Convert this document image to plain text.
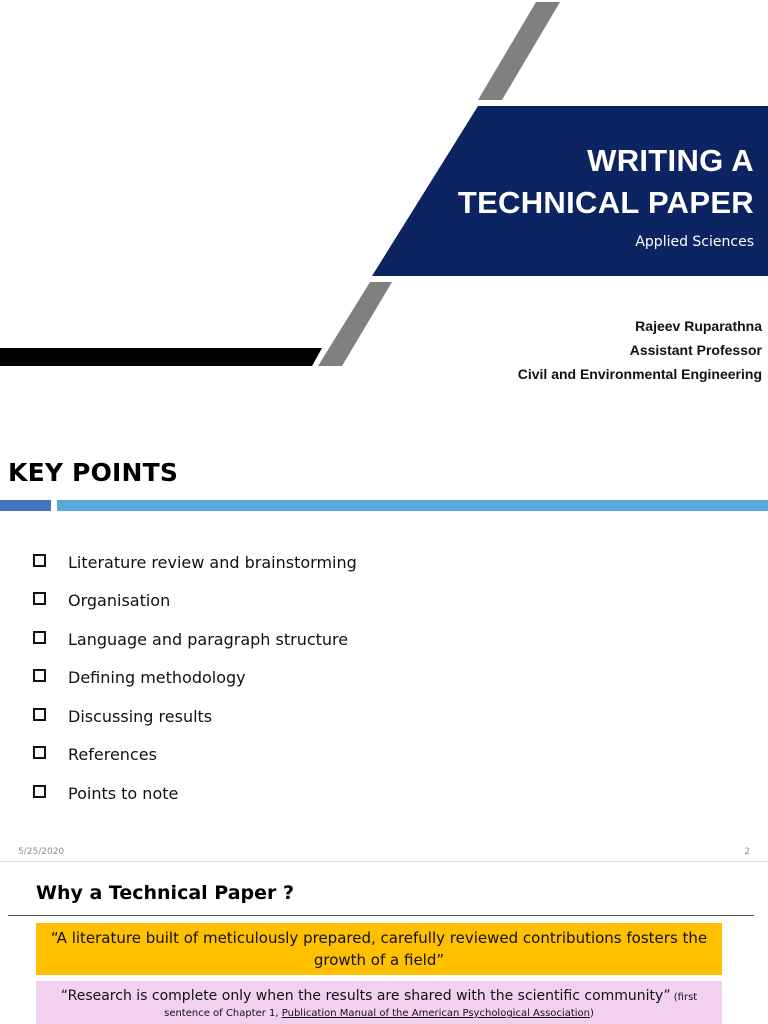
WRITING A
TECHNICAL PAPER
Applied Sciences
Rajeev Ruparathna
Assistant Professor
Civil and Environmental Engineering
KEY POINTS
Literature review and brainstorming
Organisation
Language and paragraph structure
Defining methodology
Discussing results
References
Points to note
5/25/2020	2
Why a Technical Paper ?
“A literature built of meticulously prepared, carefully reviewed contributions fosters the growth of a field”
“Research is complete only when the results are shared with the scientific community” (first
sentence of Chapter 1, Publication Manual of the American Psychological Association)
